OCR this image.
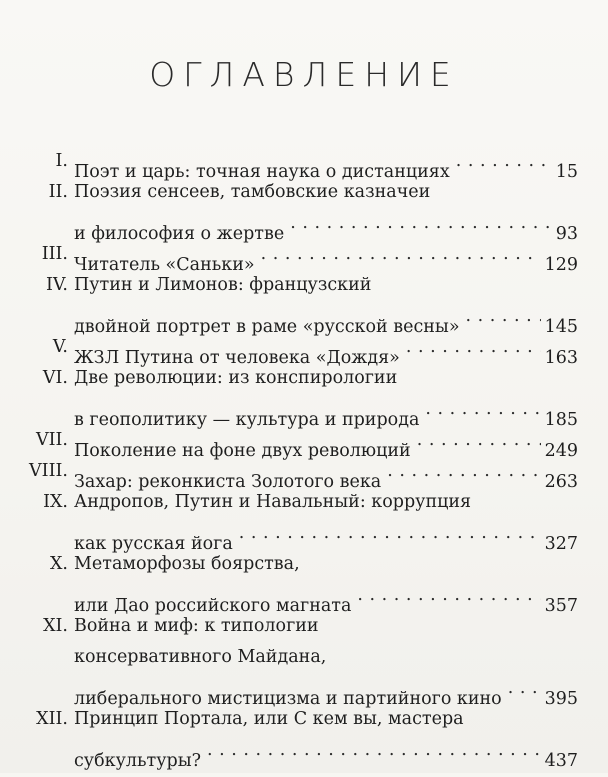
ОГЛАВЛЕНИЕ
I.
Поэт и царь: точная наука о дистанциях . . .	15
II. Поэзия сенсеев, тамбовские казначеи
и философия о жертве . . .	93
III.
Читатель «Саньки» . . .	129
IV. Путин и Лимонов: французский
двойной портрет в раме «русской весны» . . .	145
V.
ЖЗЛ Путина от человека «Дождя» . . .	163
VI. Две революции: из конспирологии
в геополитику — культура и природа . . .	185
VII.
Поколение на фоне двух революций . . .	249
VIII.
Захар: реконкиста Золотого века . . .	263
IX. Андропов, Путин и Навальный: коррупция
как русская йога . . .	327
X. Метаморфозы боярства,
или Дао российского магната . . .	357
XI. Война и миф: к типологии
консервативного Майдана,
либерального мистицизма и партийного кино . . . 395
XII. Принцип Портала, или С кем вы, мастера
субкультуры? . . .	437
